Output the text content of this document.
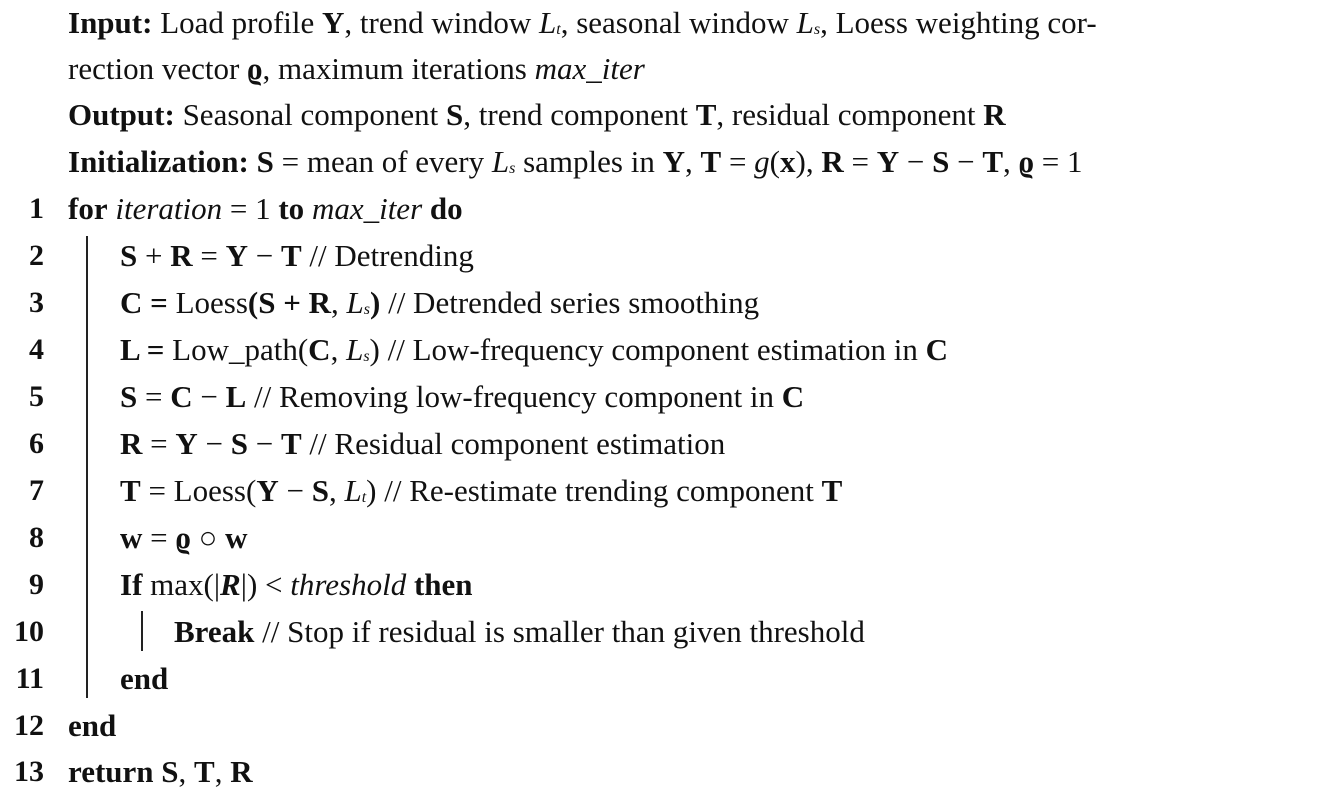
Input: Load profile Y, trend window Lt, seasonal window Ls, Loess weighting cor-
rection vector ϱ, maximum iterations max_iter
Output: Seasonal component S, trend component T, residual component R
Initialization: S = mean of every Ls samples in Y, T = g(x), R = Y − S − T, ϱ = 1
1 for iteration = 1 to max_iter do
2 S + R = Y − T // Detrending
3 C = Loess(S + R, Ls) // Detrended series smoothing
4 L = Low_path(C, Ls) // Low-frequency component estimation in C
5 S = C − L // Removing low-frequency component in C
6 R = Y − S − T // Residual component estimation
7 T = Loess(Y − S, Lt) // Re-estimate trending component T
8 w = ϱ ○ w
9 If max(|R|) < threshold then
10	Break // Stop if residual is smaller than given threshold
11 end
12 end
13 return S, T, R
